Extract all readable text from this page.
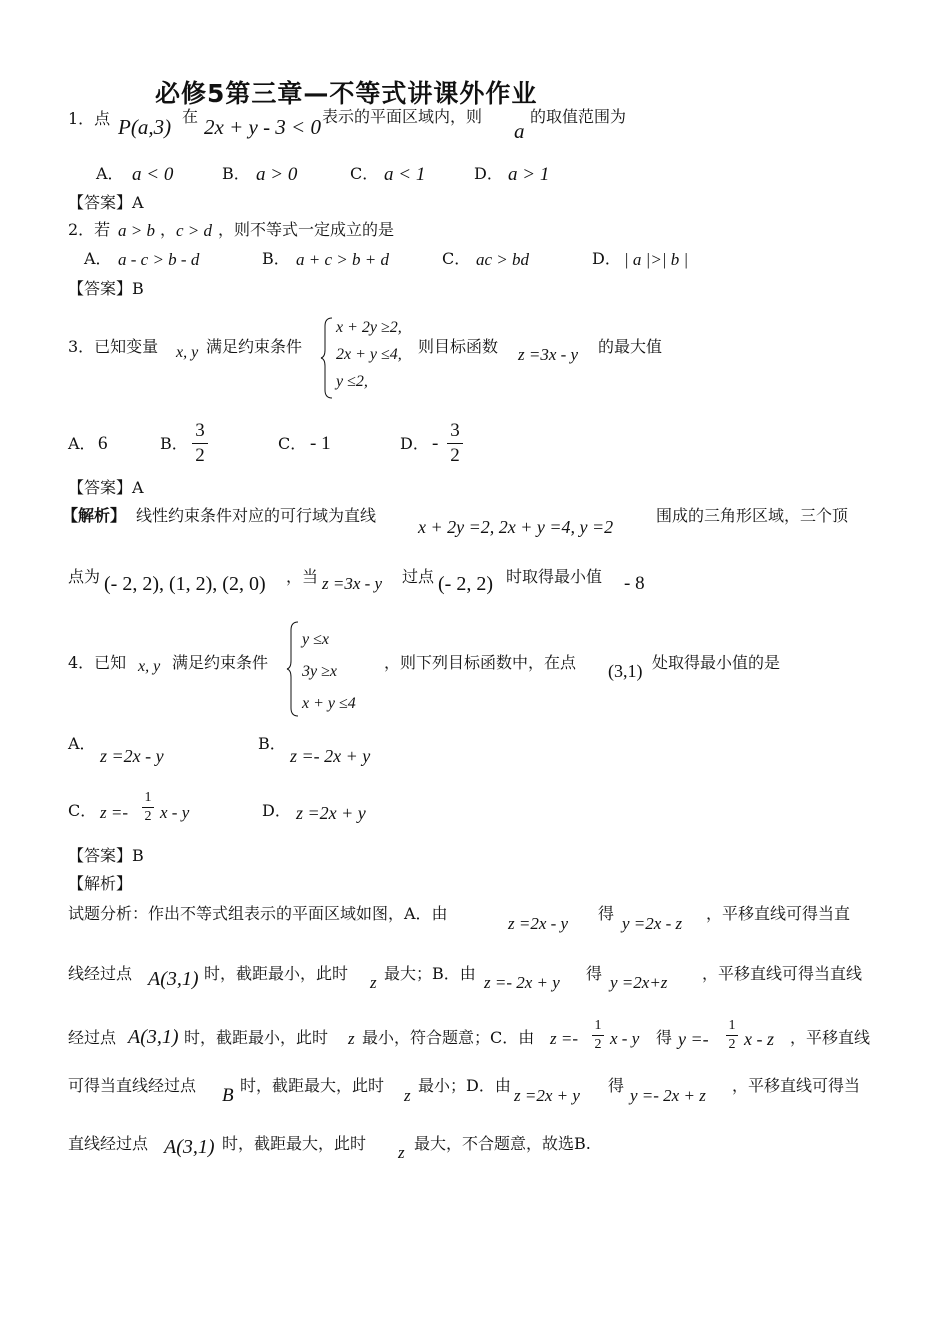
必修5第三章—不等式讲课外作业
1．点 P(a,3) 在 2x + y - 3 < 0 表示的平面区域内，则
a
的取值范围为
A． a < 0	B． a > 0	C． a < 1	D． a > 1
【答案】A
2．若 a > b ， c > d ，则不等式一定成立的是
A． a - c > b - d	B． a + c > b + d	C． ac > bd	D． | a |>| b |
【答案】B
3．已知变量 x, y 满足约束条件
x + 2y ≥2,
2x + y ≤4,
y ≤2,
则目标函数 z =3x - y 的最大值
A． 6	B．
3
2
C． - 1	D． -
3
2
【答案】A
【解析】 线性约束条件对应的可行域为直线
x + 2y =2, 2x + y =4, y =2
围成的三角形区域，三个顶
点为 (- 2, 2), (1, 2), (2, 0) ，当 z =3x - y 过点 (- 2, 2) 时取得最小值 - 8
4．已知 x, y 满足约束条件
y ≤x
3y ≥x
x + y ≤4
，则下列目标函数中，在点 (3,1) 处取得最小值的是
A．
z =2x - y
B．
z =- 2x + y
C． z =-
1
2 x - y	D． z =2x + y
【答案】B
【解析】
试题分析：作出不等式组表示的平面区域如图，A．由
z =2x - y
得
y =2x - z
，平移直线可得当直
线经过点 A(3,1) 时，截距最小，此时 z 最大；B．由 z =- 2x + y 得 y =2x+z ，平移直线可得当直线
经过点 A(3,1) 时，截距最小，此时 z 最小，符合题意；C．由 z =-
1
2 x - y 得 y =-
1
2 x - z ，平移直线
可得当直线经过点 B 时，截距最大，此时
z
最小；D．由
z =2x + y
得
y =- 2x + z
，平移直线可得当
直线经过点 A(3,1) 时，截距最大，此时 z 最大，不合题意，故选B.
